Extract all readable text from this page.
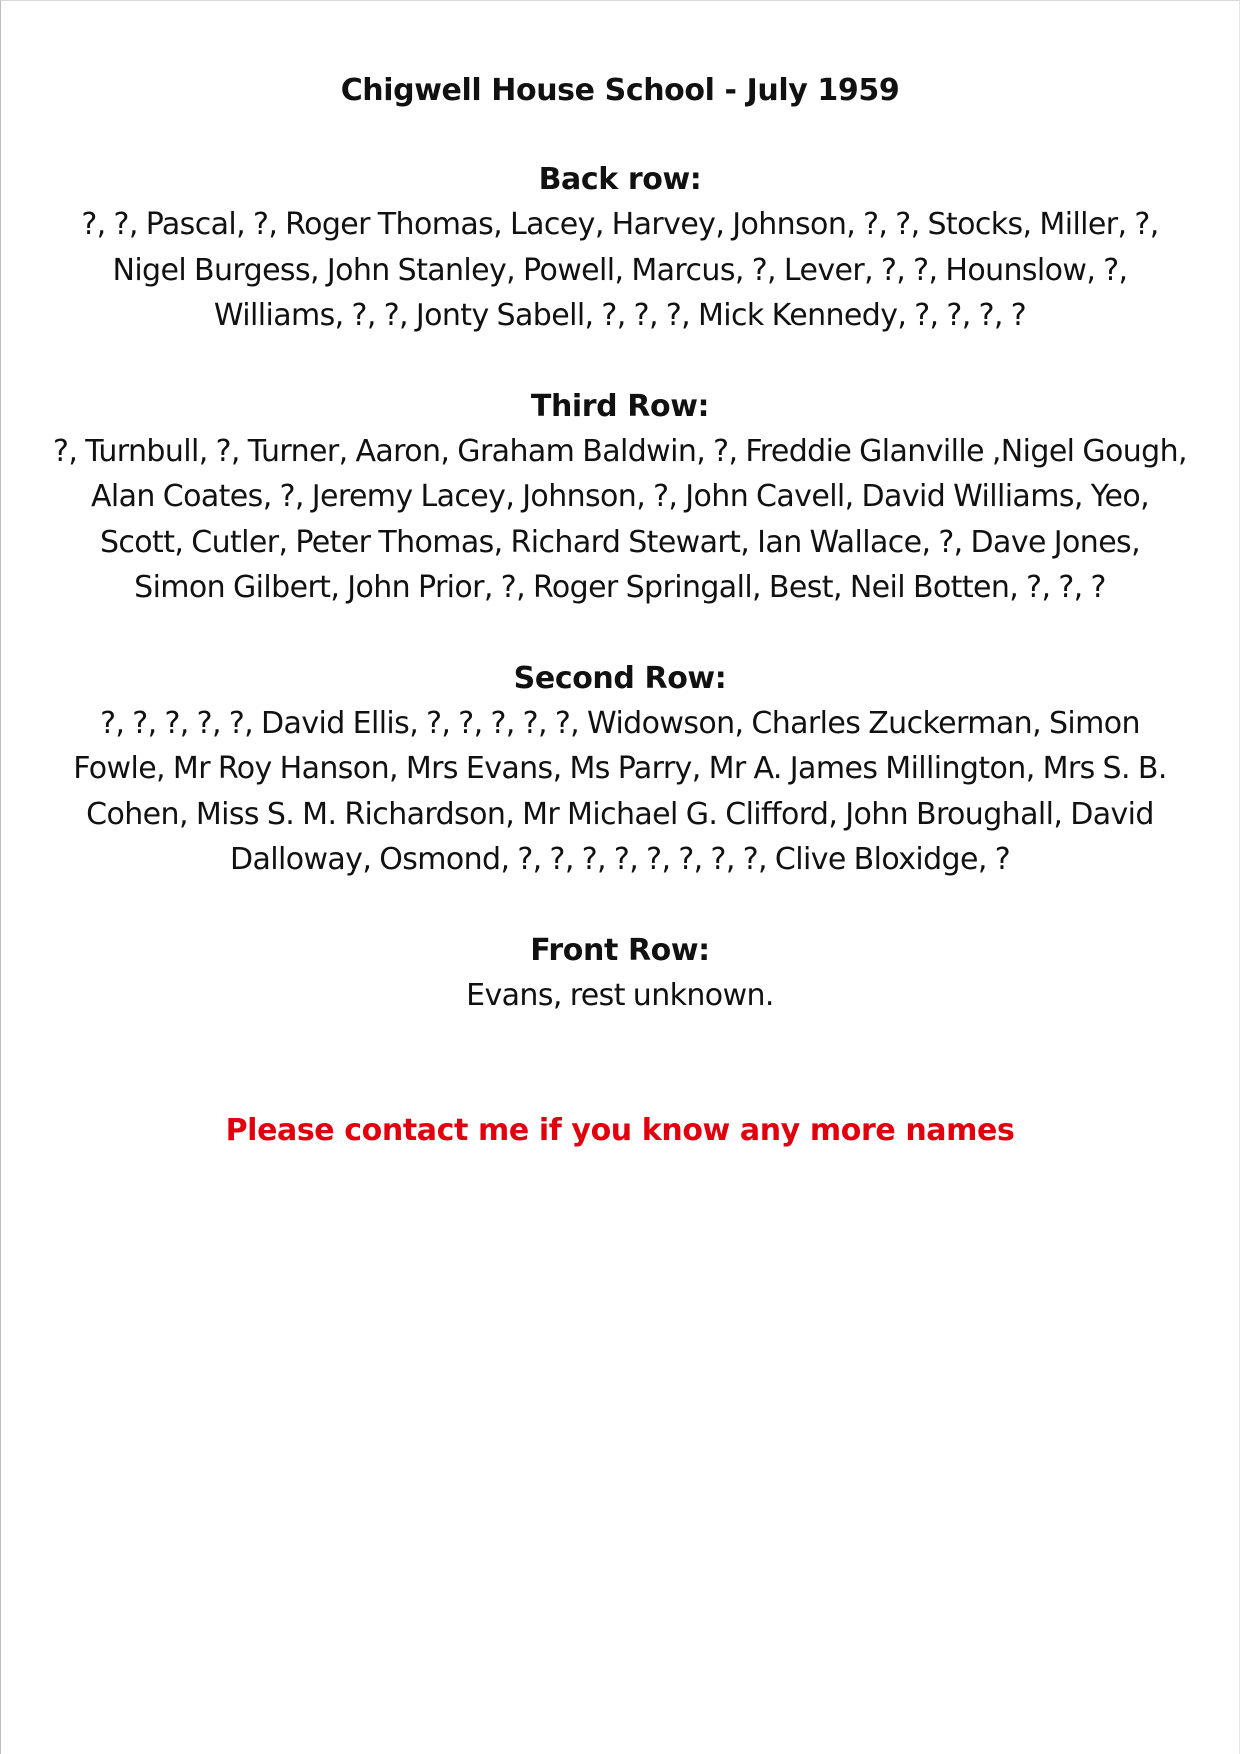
Chigwell House School - July 1959
Back row:
?, ?, Pascal, ?, Roger Thomas, Lacey, Harvey, Johnson, ?, ?, Stocks, Miller, ?, Nigel Burgess, John Stanley, Powell, Marcus, ?, Lever, ?, ?, Hounslow, ?, Williams, ?, ?, Jonty Sabell, ?, ?, ?, Mick Kennedy, ?, ?, ?, ?
Third Row:
?, Turnbull, ?, Turner, Aaron, Graham Baldwin, ?, Freddie Glanville ,Nigel Gough, Alan Coates, ?, Jeremy Lacey, Johnson, ?, John Cavell, David Williams, Yeo, Scott, Cutler, Peter Thomas, Richard Stewart, Ian Wallace, ?, Dave Jones, Simon Gilbert, John Prior, ?, Roger Springall, Best, Neil Botten, ?, ?, ?
Second Row:
?, ?, ?, ?, ?, David Ellis, ?, ?, ?, ?, ?, Widowson, Charles Zuckerman, Simon Fowle, Mr Roy Hanson, Mrs Evans, Ms Parry, Mr A. James Millington, Mrs S. B. Cohen, Miss S. M. Richardson, Mr Michael G. Clifford, John Broughall, David Dalloway, Osmond, ?, ?, ?, ?, ?, ?, ?, ?, Clive Bloxidge, ?
Front Row:
Evans, rest unknown.
Please contact me if you know any more names
